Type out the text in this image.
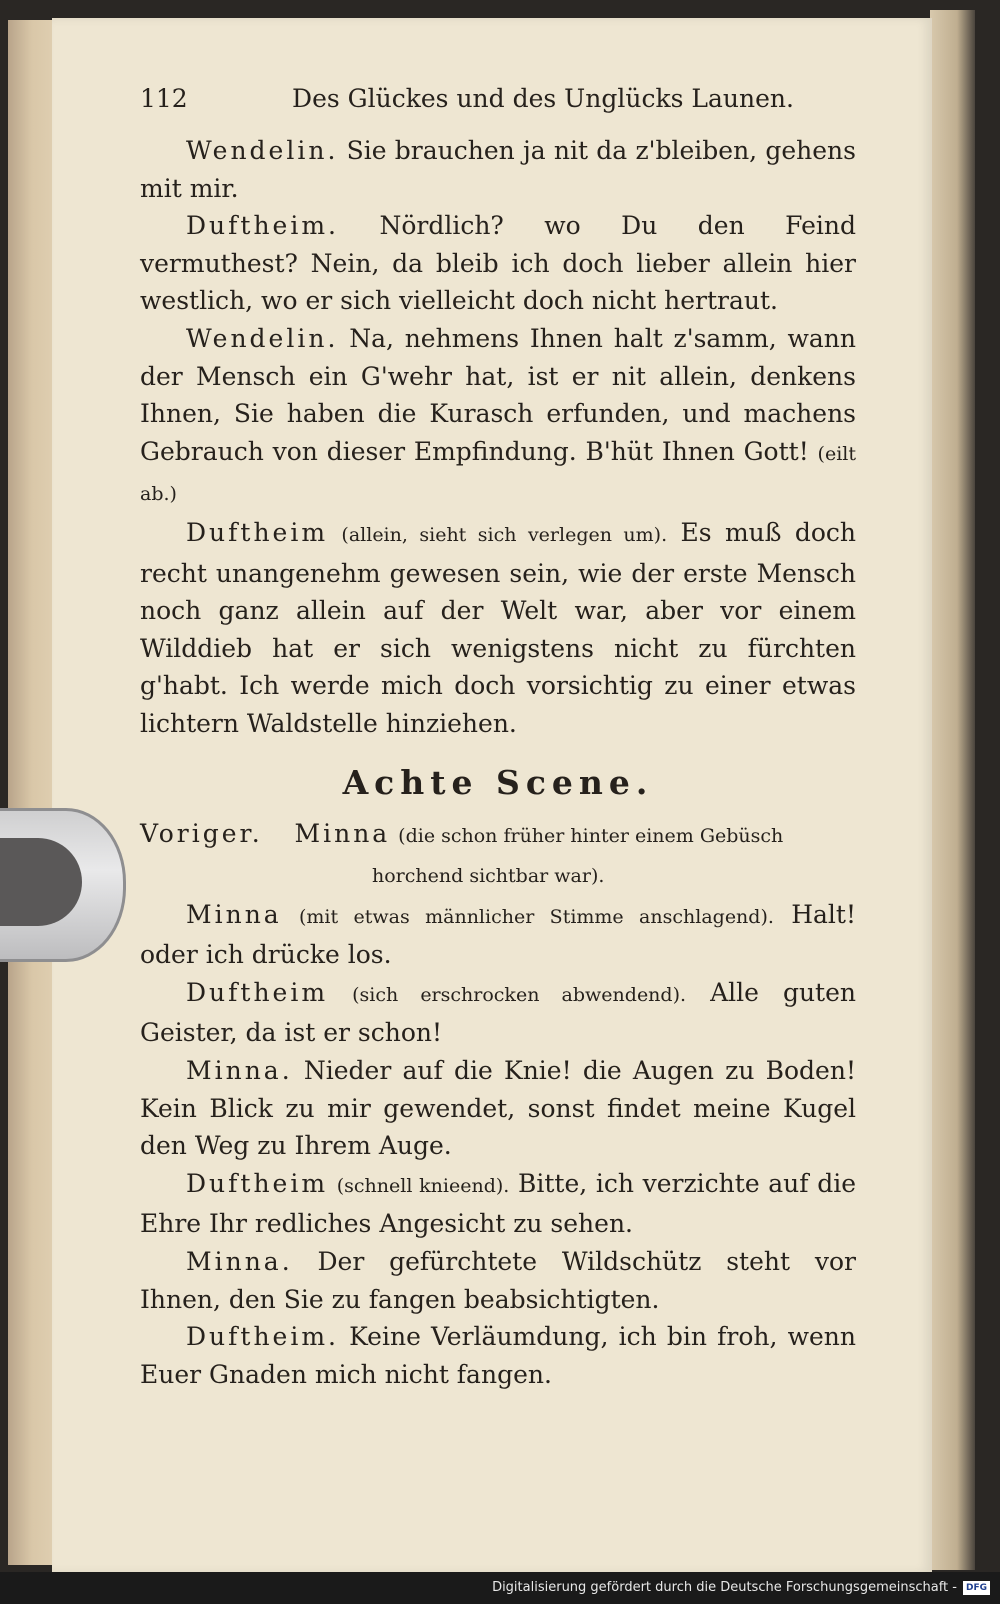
112	Des Glückes und des Unglücks Launen.

Wendelin. Sie brauchen ja nit da z'bleiben, gehens mit mir.

Duftheim. Nördlich? wo Du den Feind vermuthest? Nein, da bleib ich doch lieber allein hier westlich, wo er sich vielleicht doch nicht hertraut.

Wendelin. Na, nehmens Ihnen halt z'samm, wann der Mensch ein G'wehr hat, ist er nit allein, denkens Ihnen, Sie haben die Kurasch erfunden, und machens Gebrauch von dieser Empfindung. B'hüt Ihnen Gott! (eilt ab.)

Duftheim (allein, sieht sich verlegen um). Es muß doch recht unangenehm gewesen sein, wie der erste Mensch noch ganz allein auf der Welt war, aber vor einem Wilddieb hat er sich wenigstens nicht zu fürchten g'habt. Ich werde mich doch vorsichtig zu einer etwas lichtern Waldstelle hinziehen.

Achte Scene.
Voriger. Minna (die schon früher hinter einem Gebüsch
horchend sichtbar war).

Minna (mit etwas männlicher Stimme anschlagend). Halt! oder ich drücke los.

Duftheim (sich erschrocken abwendend). Alle guten Geister, da ist er schon!

Minna. Nieder auf die Knie! die Augen zu Boden! Kein Blick zu mir gewendet, sonst findet meine Kugel den Weg zu Ihrem Auge.

Duftheim (schnell knieend). Bitte, ich verzichte auf die Ehre Ihr redliches Angesicht zu sehen.

Minna. Der gefürchtete Wildschütz steht vor Ihnen, den Sie zu fangen beabsichtigten.

Duftheim. Keine Verläumdung, ich bin froh, wenn Euer Gnaden mich nicht fangen.

Digitalisierung gefördert durch die Deutsche Forschungsgemeinschaft - DFG
